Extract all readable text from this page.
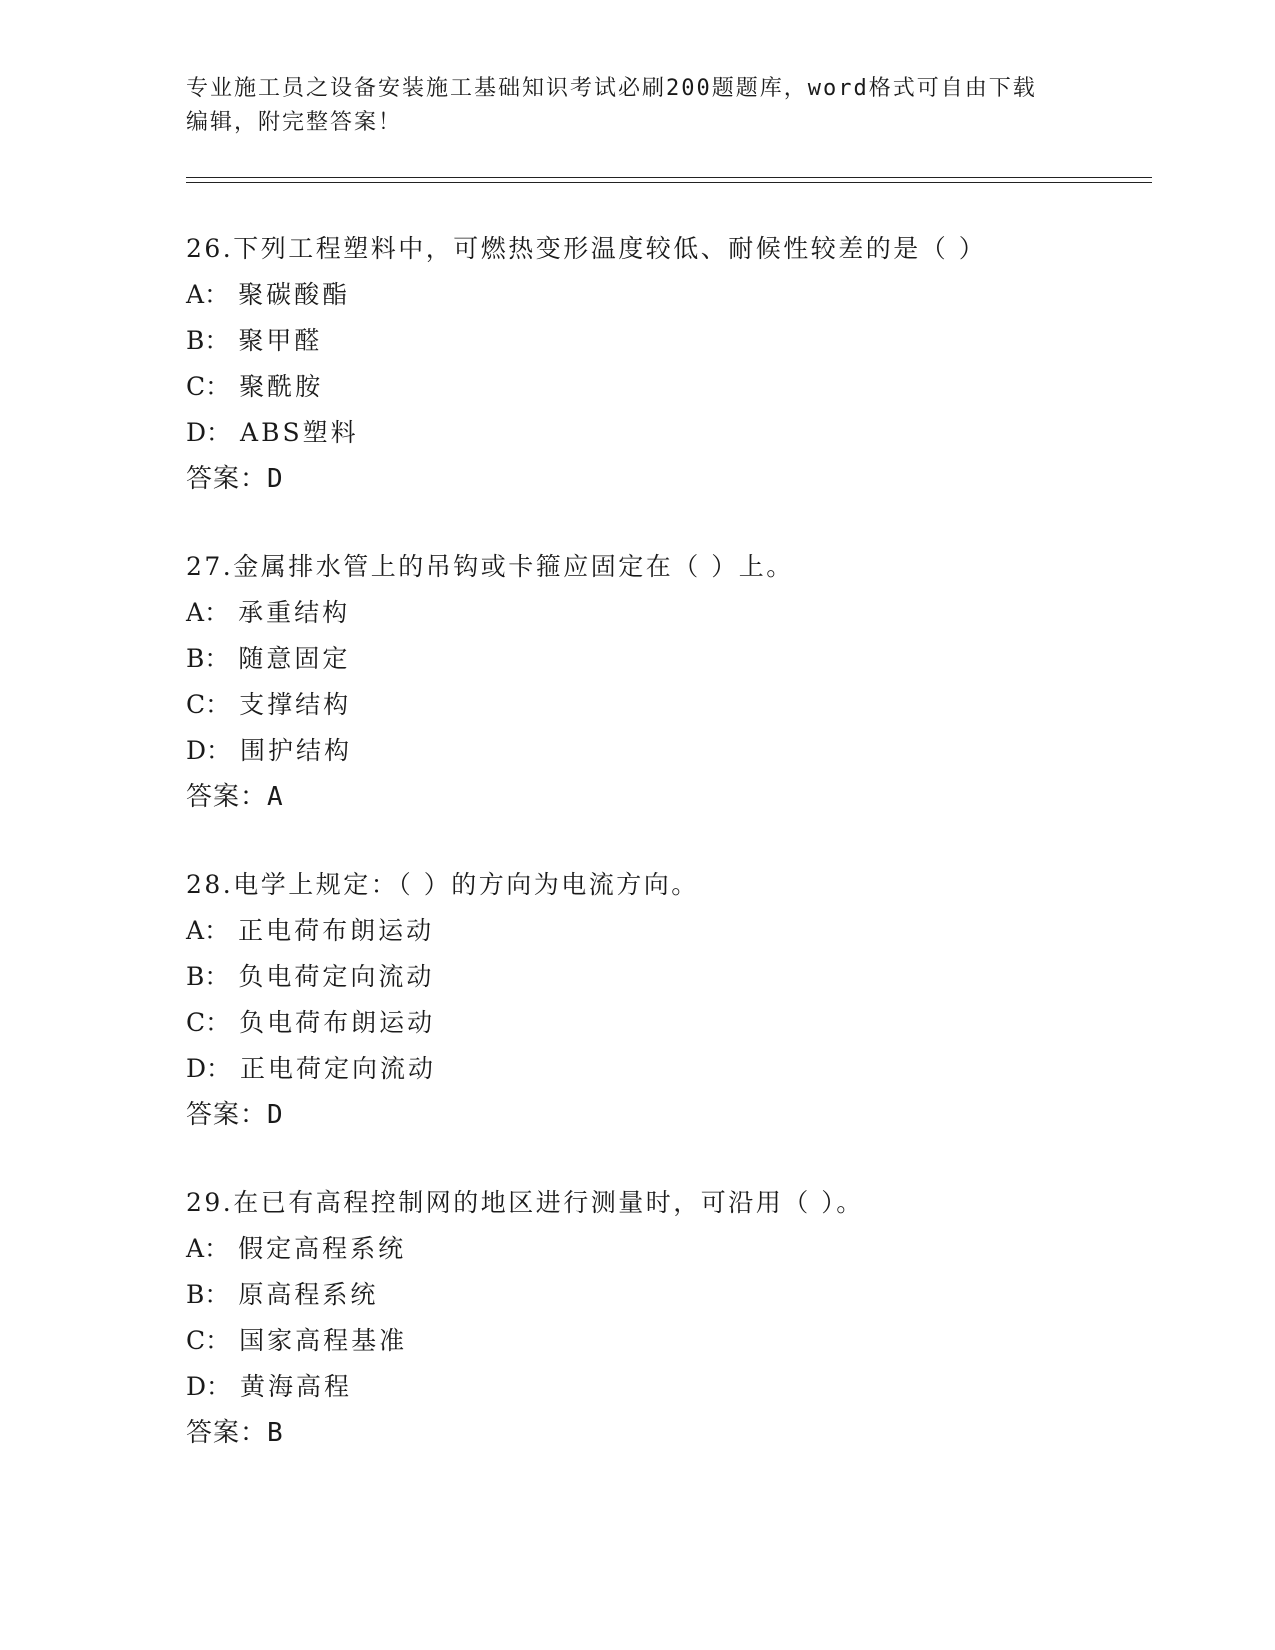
专业施工员之设备安装施工基础知识考试必刷200题题库，word格式可自由下载
编辑，附完整答案！
26.下列工程塑料中，可燃热变形温度较低、耐候性较差的是（ ）
A： 聚碳酸酯
B： 聚甲醛
C： 聚酰胺
D： ABS塑料
答案：D
27.金属排水管上的吊钩或卡箍应固定在（ ）上。
A： 承重结构
B： 随意固定
C： 支撑结构
D： 围护结构
答案：A
28.电学上规定：（ ）的方向为电流方向。
A： 正电荷布朗运动
B： 负电荷定向流动
C： 负电荷布朗运动
D： 正电荷定向流动
答案：D
29.在已有高程控制网的地区进行测量时，可沿用（ ）。
A： 假定高程系统
B： 原高程系统
C： 国家高程基准
D： 黄海高程
答案：B
